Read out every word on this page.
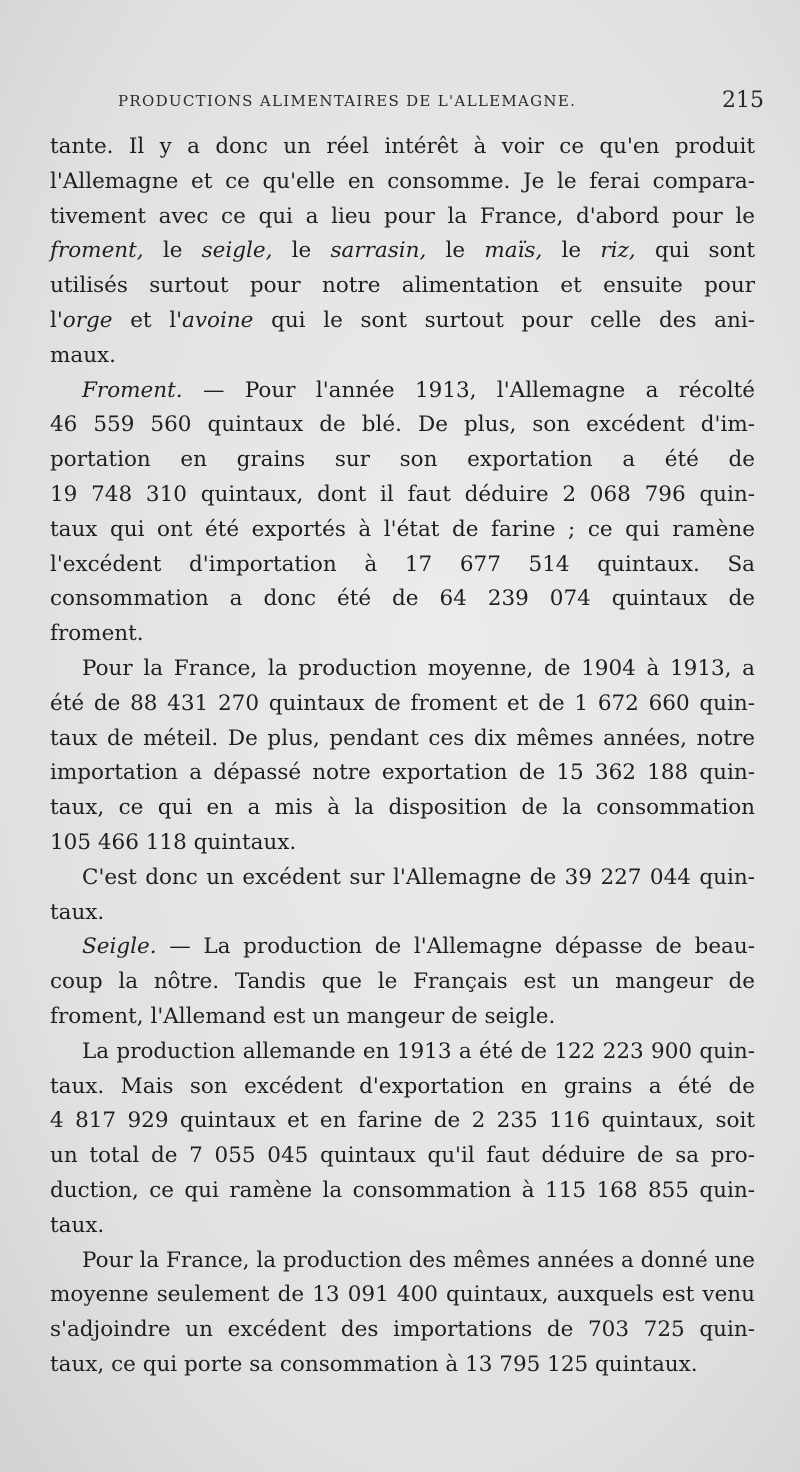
PRODUCTIONS ALIMENTAIRES DE L'ALLEMAGNE.	215
tante. Il y a donc un réel intérêt à voir ce qu'en produit
l'Allemagne et ce qu'elle en consomme. Je le ferai compara-
tivement avec ce qui a lieu pour la France, d'abord pour le
froment, le seigle, le sarrasin, le maïs, le riz, qui sont
utilisés surtout pour notre alimentation et ensuite pour
l'orge et l'avoine qui le sont surtout pour celle des ani-
maux.
Froment. — Pour l'année 1913, l'Allemagne a récolté
46 559 560 quintaux de blé. De plus, son excédent d'im-
portation en grains sur son exportation a été de
19 748 310 quintaux, dont il faut déduire 2 068 796 quin-
taux qui ont été exportés à l'état de farine ; ce qui ramène
l'excédent d'importation à 17 677 514 quintaux. Sa
consommation a donc été de 64 239 074 quintaux de
froment.
Pour la France, la production moyenne, de 1904 à 1913, a
été de 88 431 270 quintaux de froment et de 1 672 660 quin-
taux de méteil. De plus, pendant ces dix mêmes années, notre
importation a dépassé notre exportation de 15 362 188 quin-
taux, ce qui en a mis à la disposition de la consommation
105 466 118 quintaux.
C'est donc un excédent sur l'Allemagne de 39 227 044 quin-
taux.
Seigle. — La production de l'Allemagne dépasse de beau-
coup la nôtre. Tandis que le Français est un mangeur de
froment, l'Allemand est un mangeur de seigle.
La production allemande en 1913 a été de 122 223 900 quin-
taux. Mais son excédent d'exportation en grains a été de
4 817 929 quintaux et en farine de 2 235 116 quintaux, soit
un total de 7 055 045 quintaux qu'il faut déduire de sa pro-
duction, ce qui ramène la consommation à 115 168 855 quin-
taux.
Pour la France, la production des mêmes années a donné une
moyenne seulement de 13 091 400 quintaux, auxquels est venu
s'adjoindre un excédent des importations de 703 725 quin-
taux, ce qui porte sa consommation à 13 795 125 quintaux.
